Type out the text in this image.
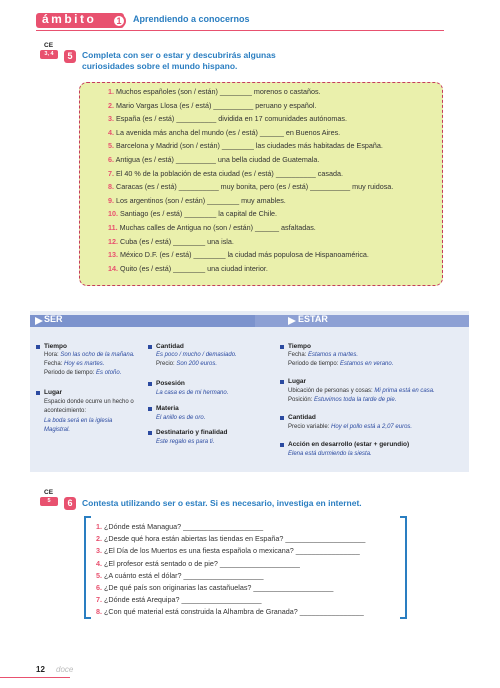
ámbito	1	Aprendiendo a conocernos
CE
3, 4	5	Completa con ser o estar y descubrirás algunas
curiosidades sobre el mundo hispano.
1. Muchos españoles (son / están) ________ morenos o castaños.
2. Mario Vargas Llosa (es / está) __________ peruano y español.
3. España (es / está) __________ dividida en 17 comunidades autónomas.
4. La avenida más ancha del mundo (es / está) ______ en Buenos Aires.
5. Barcelona y Madrid (son / están) ________ las ciudades más habitadas de España.
6. Antigua (es / está) __________ una bella ciudad de Guatemala.
7. El 40 % de la población de esta ciudad (es / está) __________ casada.
8. Caracas (es / está) __________ muy bonita, pero (es / está) __________ muy ruidosa.
9. Los argentinos (son / están) ________ muy amables.
10. Santiago (es / está) ________ la capital de Chile.
11. Muchas calles de Antigua no (son / están) ______ asfaltadas.
12. Cuba (es / está) ________ una isla.
13. México D.F. (es / está) ________ la ciudad más populosa de Hispanoamérica.
14. Quito (es / está) ________ una ciudad interior.
SER	ESTAR
Tiempo
Hora: Son las ocho de la mañana.
Fecha: Hoy es martes.
Periodo de tiempo: Es otoño.
Lugar
Espacio donde ocurre un hecho o
acontecimiento:
La boda será en la iglesia
Magistral.
Cantidad
Es poco / mucho / demasiado.
Precio: Son 200 euros.
Posesión
La casa es de mi hermano.
Materia
El anillo es de oro.
Destinatario y finalidad
Este regalo es para ti.
Tiempo
Fecha: Estamos a martes.
Periodo de tiempo: Estamos en verano.
Lugar
Ubicación de personas y cosas: Mi prima está en casa.
Posición: Estuvimos toda la tarde de pie.
Cantidad
Precio variable: Hoy el pollo está a 2,07 euros.
Acción en desarrollo (estar + gerundio)
Elena está durmiendo la siesta.
CE
5	6	Contesta utilizando ser o estar. Si es necesario, investiga en internet.
1. ¿Dónde está Managua? ____________________
2. ¿Desde qué hora están abiertas las tiendas en España? ____________________
3. ¿El Día de los Muertos es una fiesta española o mexicana? ________________
4. ¿El profesor está sentado o de pie? ____________________
5. ¿A cuánto está el dólar? ____________________
6. ¿De qué país son originarias las castañuelas? ____________________
7. ¿Dónde está Arequipa? ____________________
8. ¿Con qué material está construida la Alhambra de Granada? ________________
12 doce
